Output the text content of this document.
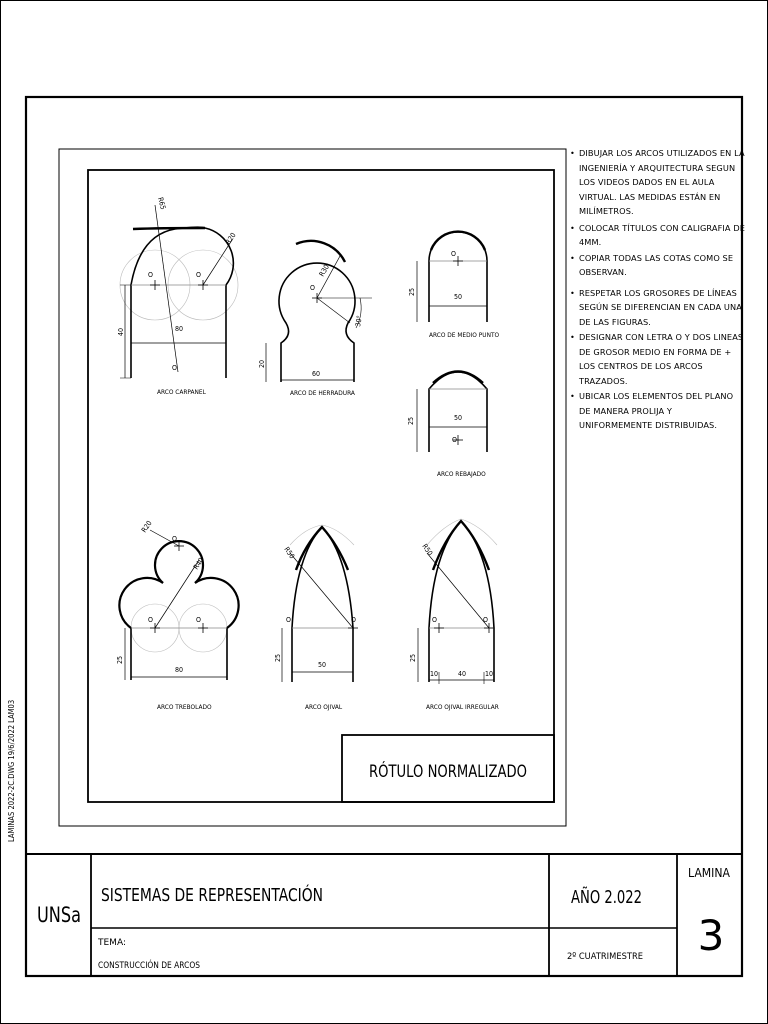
LAMINAS 2022-2C.DWG 19/6/2022 LAM03
R65
R20
40	80
O	O
O
ARCO CARPANEL
R30
30°
20
60
O
ARCO DE HERRADURA
25
50
O
ARCO DE MEDIO PUNTO
25	50
O
ARCO REBAJADO
R20
R40
25
80
O	O
O
ARCO TREBOLADO
R50
25
50
O	O
ARCO OJIVAL
R50
25
10	40	10
O	O
ARCO OJIVAL IRREGULAR
RÓTULO NORMALIZADO
UNSa
SISTEMAS DE REPRESENTACIÓN
TEMA:
CONSTRUCCIÓN DE ARCOS
AÑO 2.022
2º CUATRIMESTRE
LAMINA
3

• DIBUJAR LOS ARCOS UTILIZADOS EN LA INGENIERÍA Y ARQUITECTURA SEGUN LOS VIDEOS DADOS EN EL AULA VIRTUAL. LAS MEDIDAS ESTÁN EN MILÍMETROS.

• COLOCAR TÍTULOS CON CALIGRAFIA DE 4MM.

• COPIAR TODAS LAS COTAS COMO SE OBSERVAN.

• RESPETAR LOS GROSORES DE LÍNEAS SEGÚN SE DIFERENCIAN EN CADA UNA DE LAS FIGURAS.

• DESIGNAR CON LETRA O Y DOS LINEAS DE GROSOR MEDIO EN FORMA DE + LOS CENTROS DE LOS ARCOS TRAZADOS.

• UBICAR LOS ELEMENTOS DEL PLANO DE MANERA PROLIJA Y UNIFORMEMENTE DISTRIBUIDAS.
